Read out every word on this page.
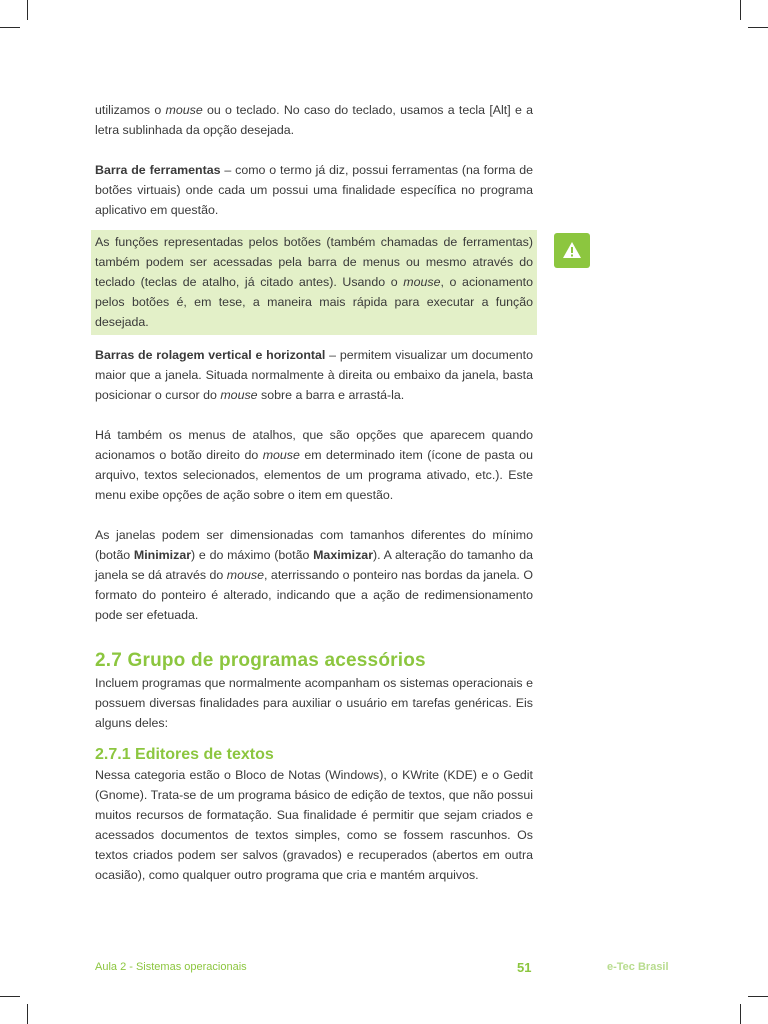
utilizamos o mouse ou o teclado. No caso do teclado, usamos a tecla [Alt] e a letra sublinhada da opção desejada.

Barra de ferramentas – como o termo já diz, possui ferramentas (na forma de botões virtuais) onde cada um possui uma finalidade específica no programa aplicativo em questão.

As funções representadas pelos botões (também chamadas de ferramentas) também podem ser acessadas pela barra de menus ou mesmo através do teclado (teclas de atalho, já citado antes). Usando o mouse, o acionamento pelos botões é, em tese, a maneira mais rápida para executar a função desejada.

Barras de rolagem vertical e horizontal – permitem visualizar um documento maior que a janela. Situada normalmente à direita ou embaixo da janela, basta posicionar o cursor do mouse sobre a barra e arrastá-la.

Há também os menus de atalhos, que são opções que aparecem quando acionamos o botão direito do mouse em determinado item (ícone de pasta ou arquivo, textos selecionados, elementos de um programa ativado, etc.). Este menu exibe opções de ação sobre o item em questão.

As janelas podem ser dimensionadas com tamanhos diferentes do mínimo (botão Minimizar) e do máximo (botão Maximizar). A alteração do tamanho da janela se dá através do mouse, aterrissando o ponteiro nas bordas da janela. O formato do ponteiro é alterado, indicando que a ação de redimensionamento pode ser efetuada.

2.7 Grupo de programas acessórios

Incluem programas que normalmente acompanham os sistemas operacionais e possuem diversas finalidades para auxiliar o usuário em tarefas genéricas. Eis alguns deles:

2.7.1 Editores de textos

Nessa categoria estão o Bloco de Notas (Windows), o KWrite (KDE) e o Gedit (Gnome). Trata-se de um programa básico de edição de textos, que não possui muitos recursos de formatação. Sua finalidade é permitir que sejam criados e acessados documentos de textos simples, como se fossem rascunhos. Os textos criados podem ser salvos (gravados) e recuperados (abertos em outra ocasião), como qualquer outro programa que cria e mantém arquivos.

Aula 2 - Sistemas operacionais	51	e-Tec Brasil
